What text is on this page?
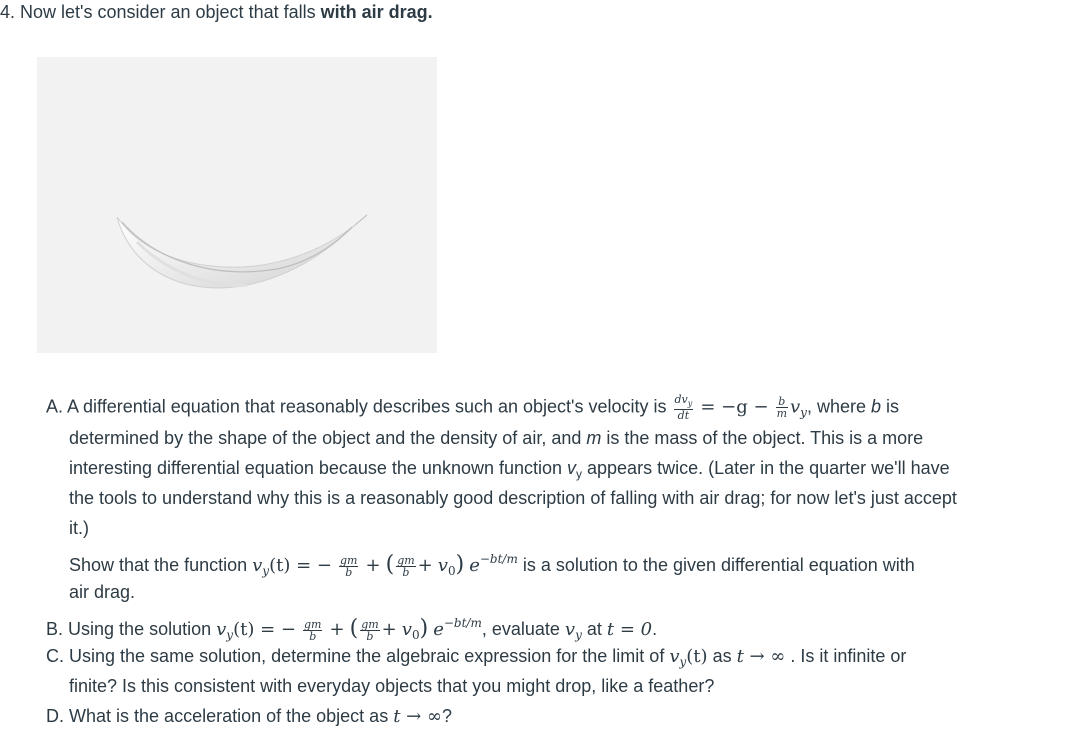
4. Now let's consider an object that falls with air drag.
A. A differential equation that reasonably describes such an object's velocity is $\frac{dv_y}{dt} = -g - \frac{b}{m} v_y$, where b is
determined by the shape of the object and the density of air, and m is the mass of the object. This is a more
interesting differential equation because the unknown function $v_y$ appears twice. (Later in the quarter we'll have
the tools to understand why this is a reasonably good description of falling with air drag; for now let's just accept
it.)
Show that the function $v_y(t)$ = − $\frac{gm}{b}$ + ( $\frac{gm}{b} + v_0$) $e^{-bt/m}$ is a solution to the given differential equation with
air drag.
B. Using the solution $v_y(t)$ = − $\frac{gm}{b}$ + ( $\frac{gm}{b} + v_0$) $e^{-bt/m}$, evaluate $v_y$ at t = 0.
C. Using the same solution, determine the algebraic expression for the limit of $v_y(t)$ as t → ∞ . Is it infinite or
finite? Is this consistent with everyday objects that you might drop, like a feather?
D. What is the acceleration of the object as t → ∞?
